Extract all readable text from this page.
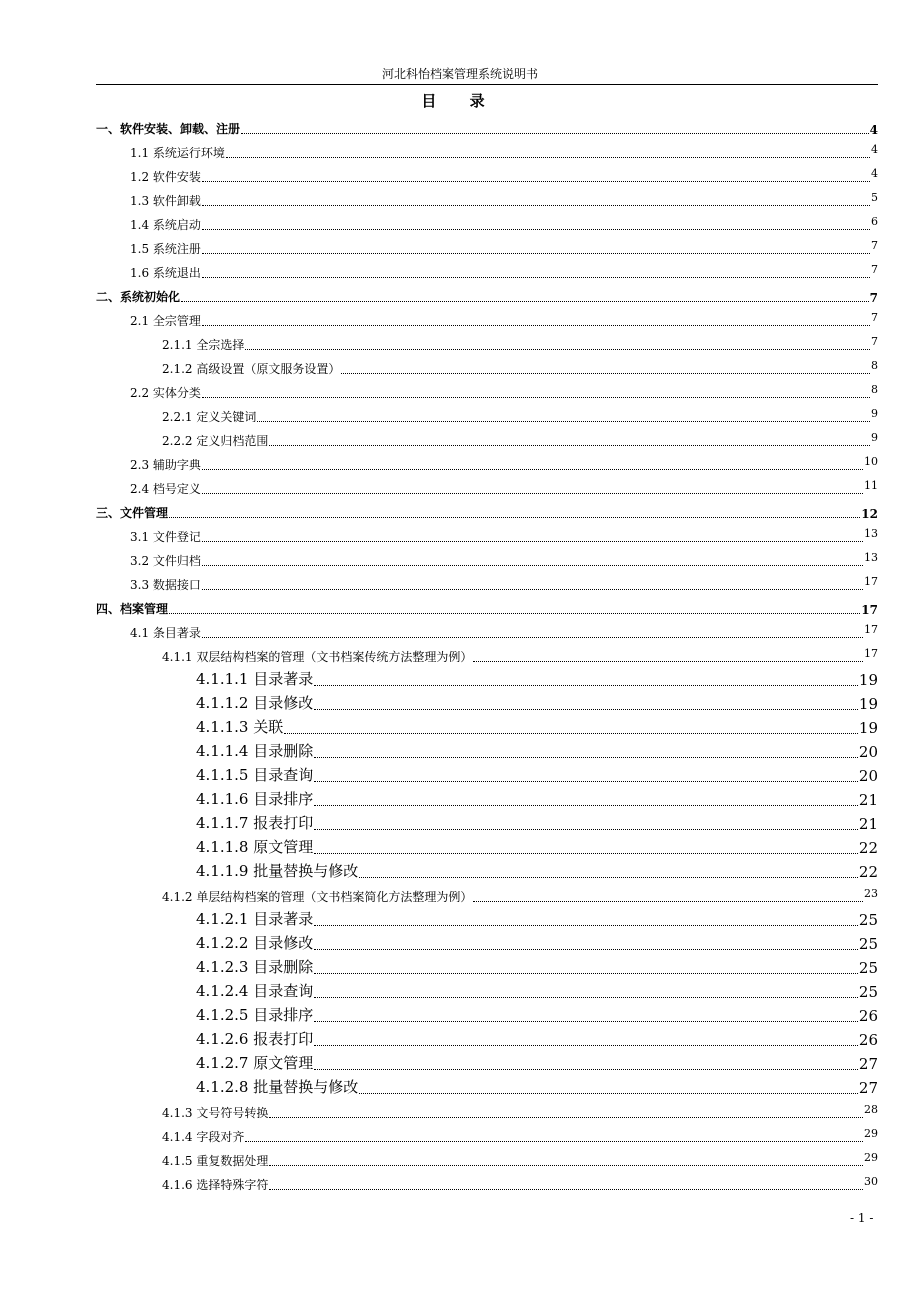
河北科怡档案管理系统说明书
目 录
一、软件安装、卸载、注册	4
1.1 系统运行环境	4
1.2 软件安装	4
1.3 软件卸载	5
1.4 系统启动	6
1.5 系统注册	7
1.6 系统退出	7
二、系统初始化	7
2.1 全宗管理	7
2.1.1 全宗选择	7
2.1.2 高级设置（原文服务设置）	8
2.2 实体分类	8
2.2.1 定义关键词	9
2.2.2 定义归档范围	9
2.3 辅助字典	10
2.4 档号定义	11
三、文件管理	12
3.1 文件登记	13
3.2 文件归档	13
3.3 数据接口	17
四、档案管理	17
4.1 条目著录	17
4.1.1 双层结构档案的管理（文书档案传统方法整理为例）	17
4.1.1.1 目录著录	19
4.1.1.2 目录修改	19
4.1.1.3 关联	19
4.1.1.4 目录删除	20
4.1.1.5 目录查询	20
4.1.1.6 目录排序	21
4.1.1.7 报表打印	21
4.1.1.8 原文管理	22
4.1.1.9 批量替换与修改	22
4.1.2 单层结构档案的管理（文书档案简化方法整理为例）	23
4.1.2.1 目录著录	25
4.1.2.2 目录修改	25
4.1.2.3 目录删除	25
4.1.2.4 目录查询	25
4.1.2.5 目录排序	26
4.1.2.6 报表打印	26
4.1.2.7 原文管理	27
4.1.2.8 批量替换与修改	27
4.1.3 文号符号转换	28
4.1.4 字段对齐	29
4.1.5 重复数据处理	29
4.1.6 选择特殊字符	30
- 1 -
